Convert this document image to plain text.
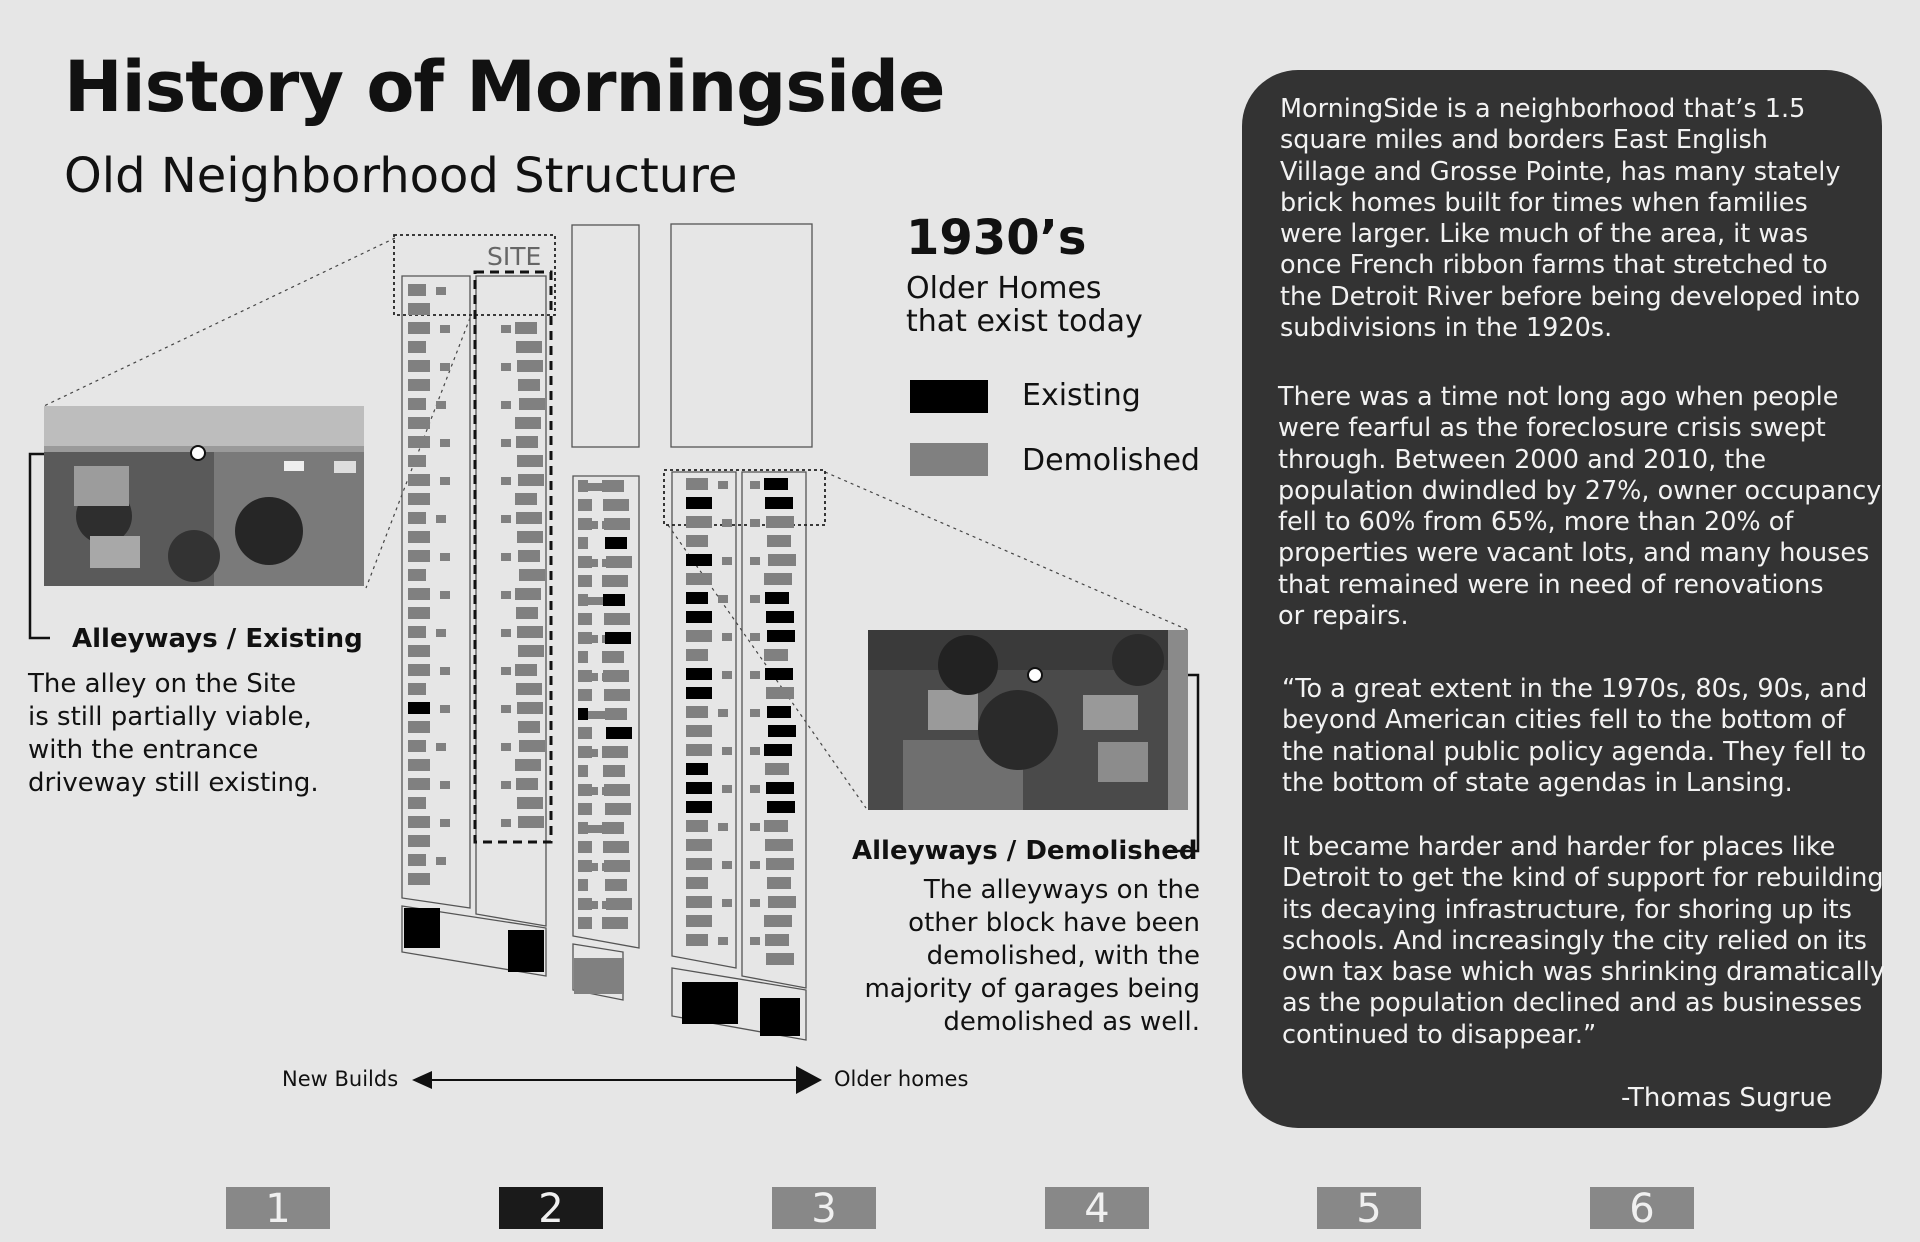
History of Morningside
Old Neighborhood Structure
SITE	1930’s
Older Homes
that exist today
Existing
Demolished
Alleyways / Existing
The alley on the Site
is still partially viable,
with the entrance
driveway still existing.
Alleyways / Demolished
The alleyways on the
other block have been
demolished, with the
majority of garages being
demolished as well.
New Builds	Older homes
MorningSide is a neighborhood that’s 1.5
square miles and borders East English
Village and Grosse Pointe, has many stately
brick homes built for times when families
were larger. Like much of the area, it was
once French ribbon farms that stretched to
the Detroit River before being developed into
subdivisions in the 1920s.
There was a time not long ago when people
were fearful as the foreclosure crisis swept
through. Between 2000 and 2010, the
population dwindled by 27%, owner occupancy
fell to 60% from 65%, more than 20% of
properties were vacant lots, and many houses
that remained were in need of renovations
or repairs.
“To a great extent in the 1970s, 80s, 90s, and
beyond American cities fell to the bottom of
the national public policy agenda. They fell to
the bottom of state agendas in Lansing.
It became harder and harder for places like
Detroit to get the kind of support for rebuilding
its decaying infrastructure, for shoring up its
schools. And increasingly the city relied on its
own tax base which was shrinking dramatically
as the population declined and as businesses
continued to disappear.”
-Thomas Sugrue
1	2	3	4	5	6
